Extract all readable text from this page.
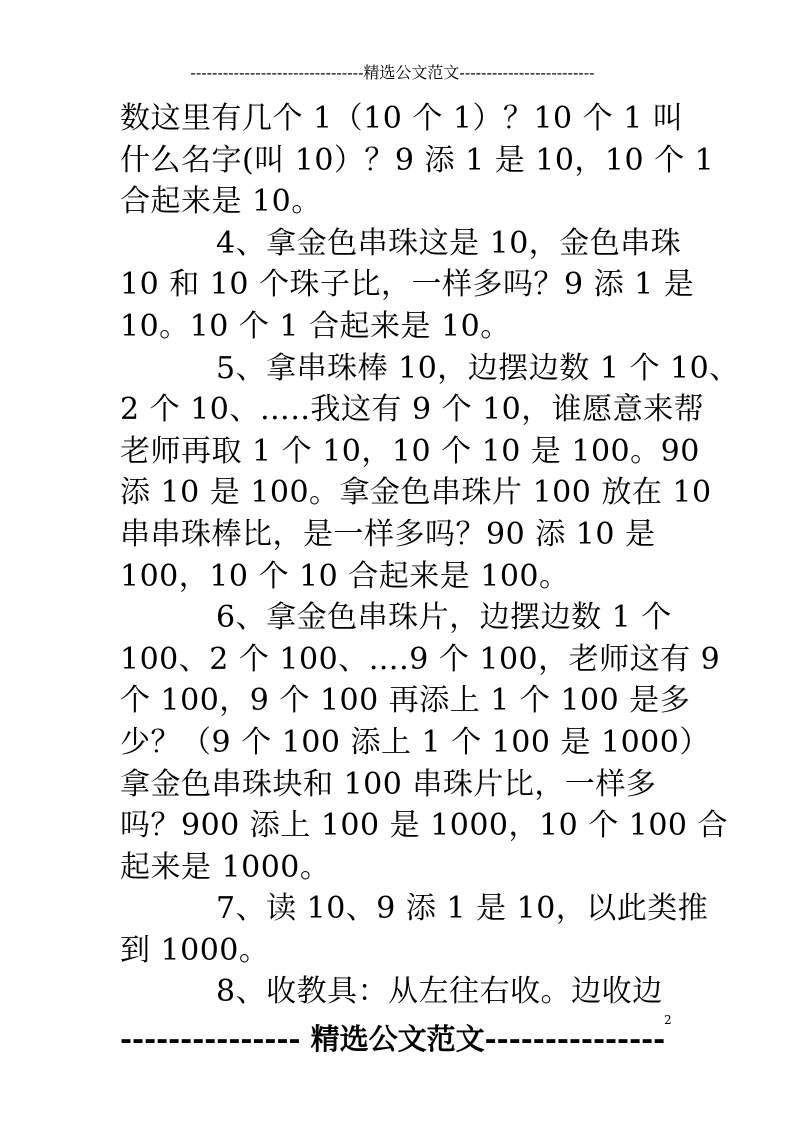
--------------------------------精选公文范文-------------------------
数这里有几个 1（10 个 1）？10 个 1 叫
什么名字(叫 10）？9 添 1 是 10，10 个 1
合起来是 10。
4、拿金色串珠这是 10，金色串珠
10 和 10 个珠子比，一样多吗？9 添 1 是
10。10 个 1 合起来是 10。
5、拿串珠棒 10，边摆边数 1 个 10、
2 个 10、…..我这有 9 个 10，谁愿意来帮
老师再取 1 个 10，10 个 10 是 100。90
添 10 是 100。拿金色串珠片 100 放在 10
串串珠棒比，是一样多吗？90 添 10 是
100，10 个 10 合起来是 100。
6、拿金色串珠片，边摆边数 1 个
100、2 个 100、….9 个 100，老师这有 9
个 100，9 个 100 再添上 1 个 100 是多
少？（9 个 100 添上 1 个 100 是 1000）
拿金色串珠块和 100 串珠片比，一样多
吗？900 添上 100 是 1000，10 个 100 合
起来是 1000。
7、读 10、9 添 1 是 10，以此类推
到 1000。
8、收教具：从左往右收。边收边
2
--------------- 精选公文范文---------------
